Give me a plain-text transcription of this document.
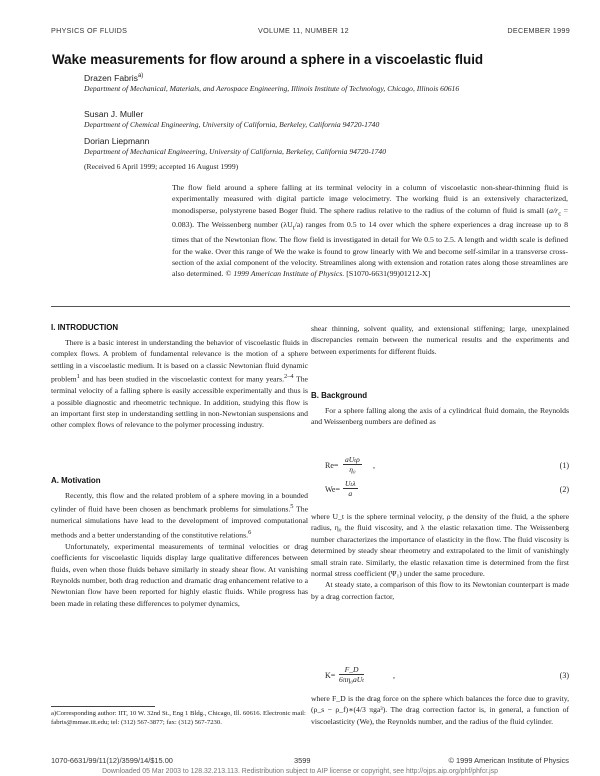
PHYSICS OF FLUIDS	VOLUME 11, NUMBER 12	DECEMBER 1999
Wake measurements for flow around a sphere in a viscoelastic fluid
Drazen Fabris$^{a)}$
Department of Mechanical, Materials, and Aerospace Engineering, Illinois Institute of Technology, Chicago, Illinois 60616
Susan J. Muller
Department of Chemical Engineering, University of California, Berkeley, California 94720-1740
Dorian Liepmann
Department of Mechanical Engineering, University of California, Berkeley, California 94720-1740
(Received 6 April 1999; accepted 16 August 1999)
The flow field around a sphere falling at its terminal velocity in a column of viscoelastic non-shear-thinning fluid is experimentally measured with digital particle image velocimetry. The working fluid is an extensively characterized, monodisperse, polystyrene based Boger fluid. The sphere radius relative to the radius of the column of fluid is small $(a/r_c = 0.083)$. The Weissenberg number $(\lambda U_t/a)$ ranges from 0.5 to 14 over which the sphere experiences a drag increase up to 8 times that of the Newtonian flow. The flow field is investigated in detail for We 0.5 to 2.5. A length and width scale is defined for the wake. Over this range of We the wake is found to grow linearly with We and become self-similar in a transverse cross-section of the axial component of the velocity. Streamlines along with extension and rotation rates along those streamlines are also determined. © 1999 American Institute of Physics. [S1070-6631(99)01212-X]
I. INTRODUCTION

There is a basic interest in understanding the behavior of viscoelastic fluids in complex flows. A problem of fundamental relevance is the motion of a sphere settling in a viscoelastic medium. It is based on a classic Newtonian fluid dynamic problem$^1$ and has been studied in the viscoelastic context for many years.$^{2-4}$ The terminal velocity of a falling sphere is easily accessible experimentally and thus is a possible diagnostic and rheometric technique. In addition, studying this flow is an important first step in understanding settling in non-Newtonian suspensions and other complex flows of relevance to the polymer processing industry.

A. Motivation

Recently, this flow and the related problem of a sphere moving in a bounded cylinder of fluid have been chosen as benchmark problems for simulations.$^5$ The numerical simulations have lead to the development of improved computational methods and a better understanding of the constitutive relations.$^6$

Unfortunately, experimental measurements of terminal velocities or drag coefficients for viscoelastic liquids display large qualitative differences between fluids, even when those fluids behave similarly in steady shear flow. At vanishing Reynolds number, both drag reduction and dramatic drag enhancement relative to a Newtonian flow have been reported for highly elastic fluids. While progress has been made in relating these differences to polymer dynamics,

a)Corresponding author: IIT, 10 W. 32nd St., Eng 1 Bldg., Chicago, Ill. 60616. Electronic mail: fabris@mmae.iit.edu; tel: (312) 567-3877; fax: (312) 567-7230.
shear thinning, solvent quality, and extensional stiffening; large, unexplained discrepancies remain between the numerical results and the experiments and between experiments for different fluids.
B. Background

For a sphere falling along the axis of a cylindrical fluid domain, the Reynolds and Weissenberg numbers are defined as

Re=
aUₜρ
η₀	,	(1)
We=
Uₜλ
a	(2)

where U_t is the sphere terminal velocity, ρ the density of the fluid, a the sphere radius, η₀ the fluid viscosity, and λ the elastic relaxation time. The Weissenberg number characterizes the importance of elasticity in the flow. The fluid viscosity is determined by steady shear rheometry and extrapolated to the limit of vanishingly small strain rate. Similarly, the elastic relaxation time is determined from the first normal stress coefficient (Ψ₁) under the same procedure.

At steady state, a comparison of this flow to its Newtonian counterpart is made by a drag correction factor,

K=
F_D
6πη₀aUₜ	,	(3)
where F_D is the drag force on the sphere which balances the force due to gravity, (ρ_s − ρ_f)∗(4/3 πga³). The drag correction factor is, in general, a function of viscoelasticity (We), the Reynolds number, and the radius of the fluid cylinder.
1070-6631/99/11(12)/3599/14/$15.00	3599	© 1999 American Institute of Physics
Downloaded 05 Mar 2003 to 128.32.213.113. Redistribution subject to AIP license or copyright, see http://ojps.aip.org/phf/phfcr.jsp
